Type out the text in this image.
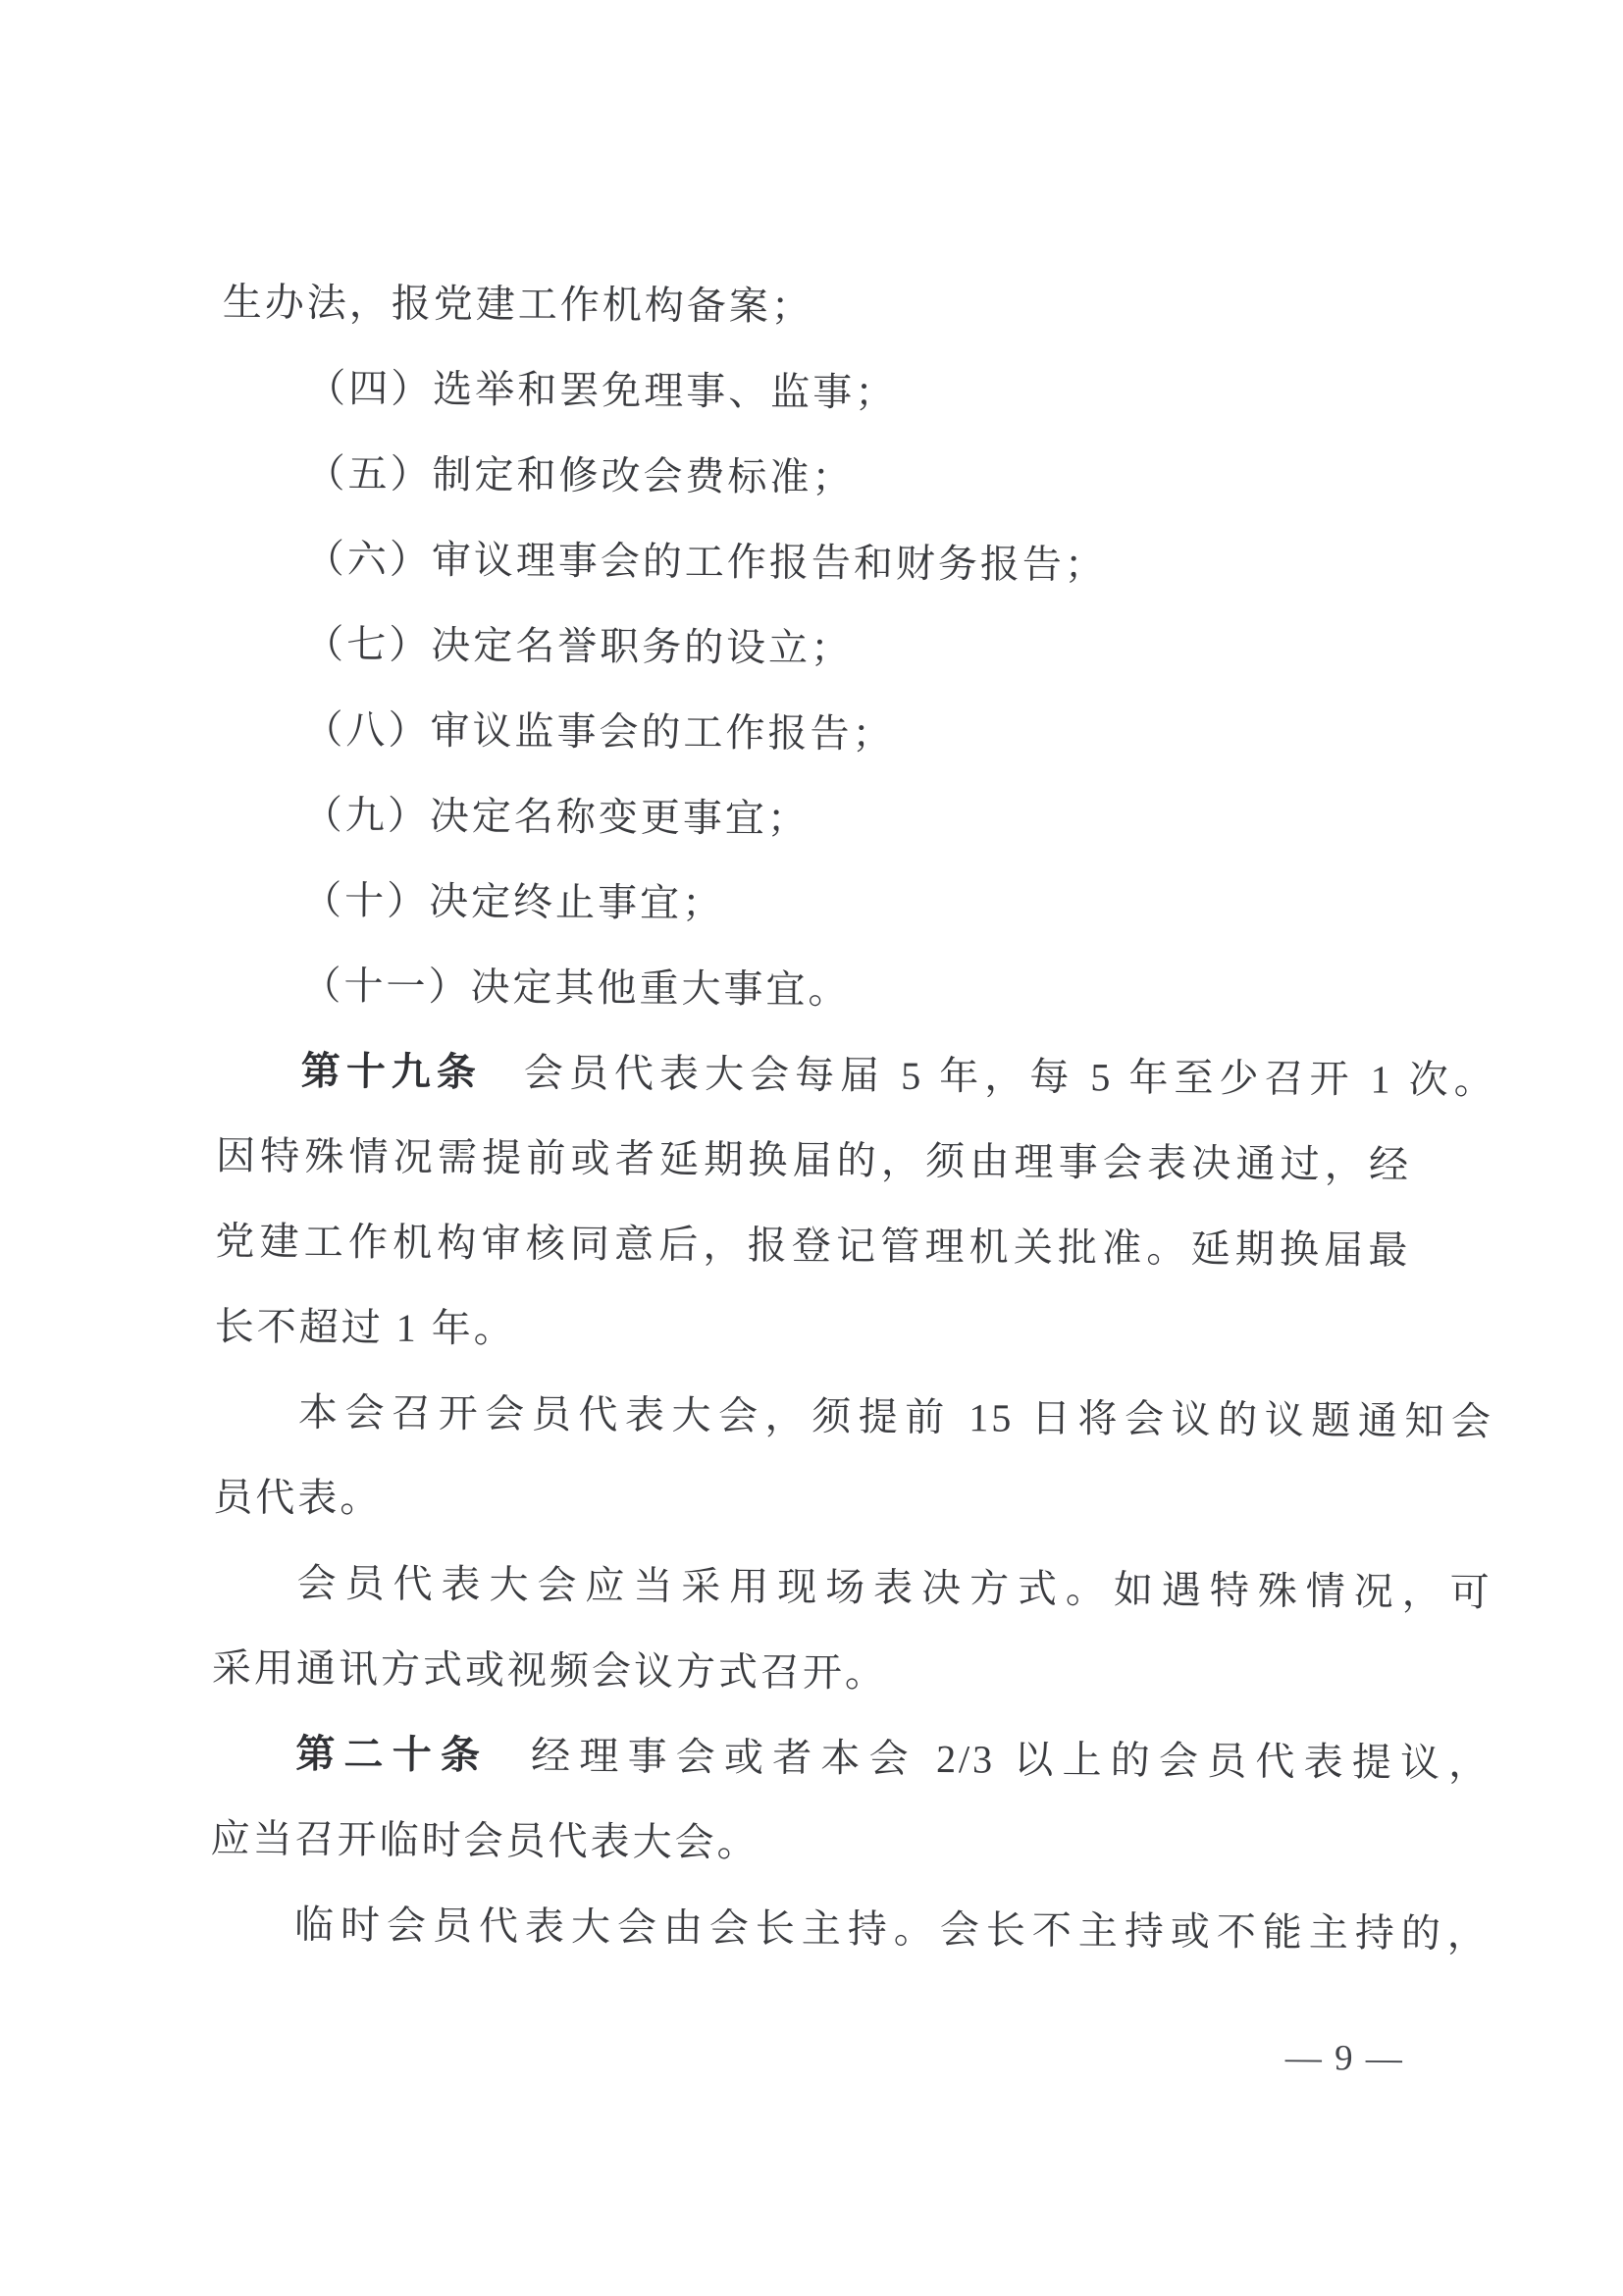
生办法，报党建工作机构备案；
（四）选举和罢免理事、监事；
（五）制定和修改会费标准；
（六）审议理事会的工作报告和财务报告；
（七）决定名誉职务的设立；
（八）审议监事会的工作报告；
（九）决定名称变更事宜；
（十）决定终止事宜；
（十一）决定其他重大事宜。
第十九条 会员代表大会每届 5 年，每 5 年至少召开 1 次。
因特殊情况需提前或者延期换届的，须由理事会表决通过，经
党建工作机构审核同意后，报登记管理机关批准。延期换届最
长不超过 1 年。
本会召开会员代表大会，须提前 15 日将会议的议题通知会
员代表。
会员代表大会应当采用现场表决方式。如遇特殊情况，可
采用通讯方式或视频会议方式召开。
第二十条 经理事会或者本会 2/3 以上的会员代表提议，
应当召开临时会员代表大会。
临时会员代表大会由会长主持。会长不主持或不能主持的，
— 9 —
